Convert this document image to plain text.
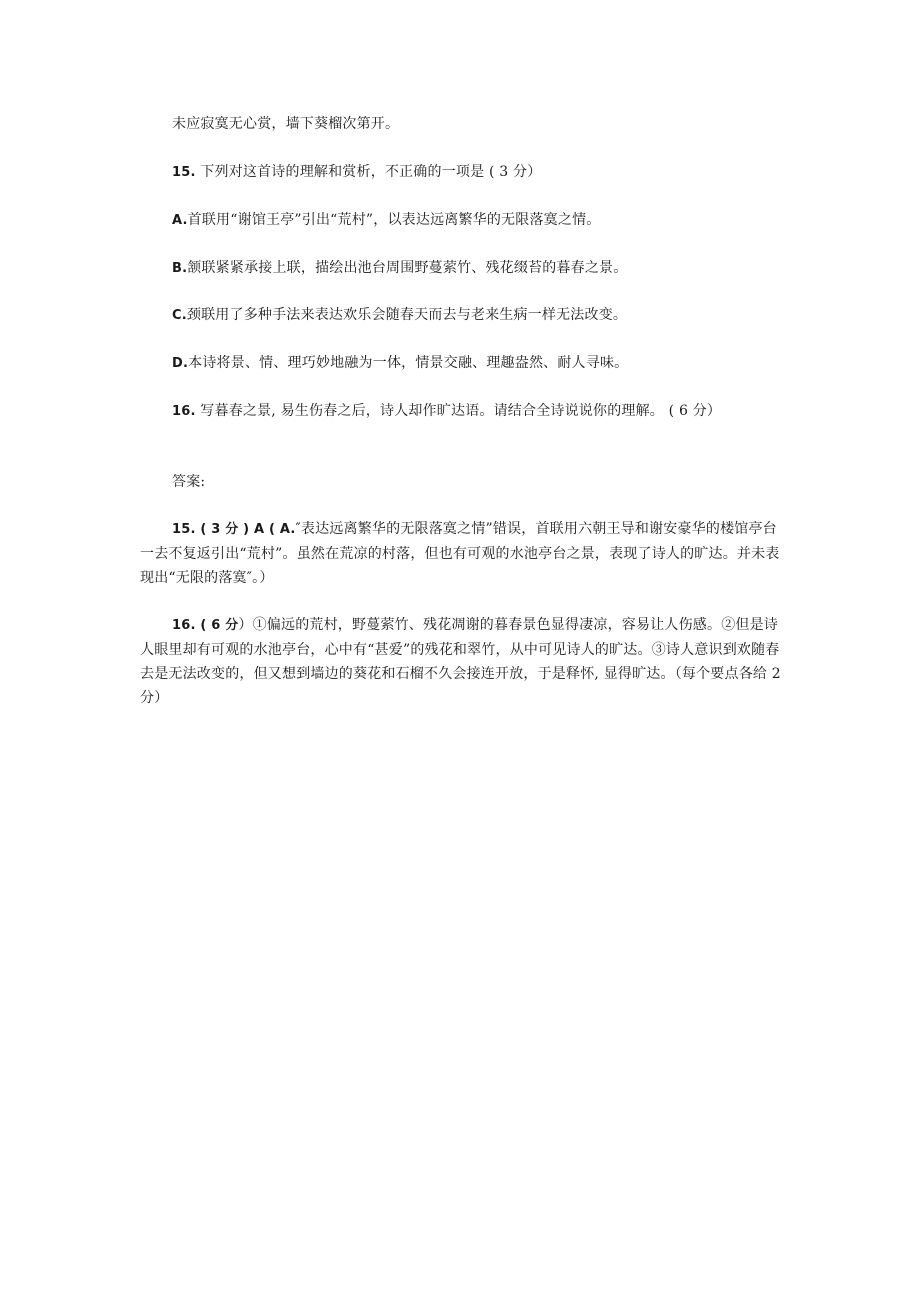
未应寂寞无心赏，墙下葵榴次第开。
15. 下列对这首诗的理解和赏析，不正确的一项是 ( 3 分）
A.首联用“谢馆王亭”引出“荒村”，以表达远离繁华的无限落寞之情。
B.颔联紧紧承接上联，描绘出池台周围野蔓萦竹、残花缀苔的暮春之景。
C.颈联用了多种手法来表达欢乐会随春天而去与老来生病一样无法改变。
D.本诗将景、情、理巧妙地融为一体，情景交融、理趣盎然、耐人寻味。
16. 写暮春之景, 易生伤春之后，诗人却作旷达语。请结合全诗说说你的理解。 ( 6 分）
答案:
15. ( 3 分 ) A ( A.″表达远离繁华的无限落寞之情”错误，首联用六朝王导和谢安豪华的楼馆亭台一去不复返引出“荒村”。虽然在荒凉的村落，但也有可观的水池亭台之景，表现了诗人的旷达。并未表现出“无限的落寞″。）
16. ( 6 分）①偏远的荒村，野蔓萦竹、残花凋谢的暮春景色显得凄凉，容易让人伤感。②但是诗人眼里却有可观的水池亭台，心中有“甚爱”的残花和翠竹，从中可见诗人的旷达。③诗人意识到欢随春去是无法改变的，但又想到墙边的葵花和石榴不久会接连开放，于是释怀, 显得旷达。（每个要点各给 2 分）
